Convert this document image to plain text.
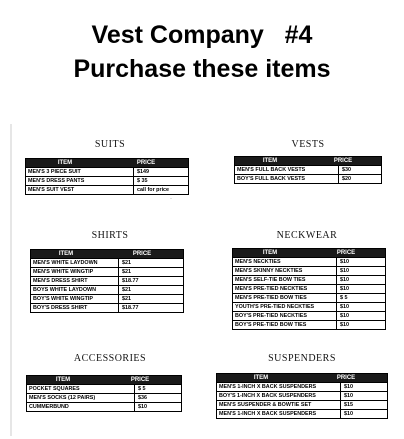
Vest Company   #4
Purchase these items
SUITS
ITEM	PRICE
MEN'S 3 PIECE SUIT	$149
MEN'S DRESS PANTS	$ 35
MEN'S SUIT VEST	call for price
·
VESTS
ITEM	PRICE
MEN'S FULL BACK VESTS	$30
BOY'S FULL BACK VESTS	$20
SHIRTS
ITEM	PRICE
MEN'S WHITE LAYDOWN	$21
MEN'S WHITE WINGTIP	$21
MEN'S DRESS SHIRT	$18.77
BOYS WHITE LAYDOWN	$21
BOY'S WHITE WINGTIP	$21
BOY'S DRESS SHIRT	$18.77
NECKWEAR
ITEM	PRICE
MEN'S NECKTIES	$10
MEN'S SKINNY NECKTIES	$10
MEN'S SELF-TIE BOW TIES	$10
MEN'S PRE-TIED NECKTIES	$10
MEN'S PRE-TIED BOW TIES	$ 5
YOUTH'S PRE-TIED NECKTIES	$10
BOY'S PRE-TIED NECKTIES	$10
BOY'S PRE-TIED BOW TIES	$10
ACCESSORIES
ITEM	PRICE
POCKET SQUARES	$ 5
MEN'S SOCKS (12 PAIRS)	$36
CUMMERBUND	$10
SUSPENDERS
ITEM	PRICE
MEN'S 1-INCH X BACK SUSPENDERS	$10
BOY'S 1-INCH X BACK SUSPENDERS	$10
MEN'S SUSPENDER & BOWTIE SET	$15
MEN'S 1-INCH X BACK SUSPENDERS	$10
